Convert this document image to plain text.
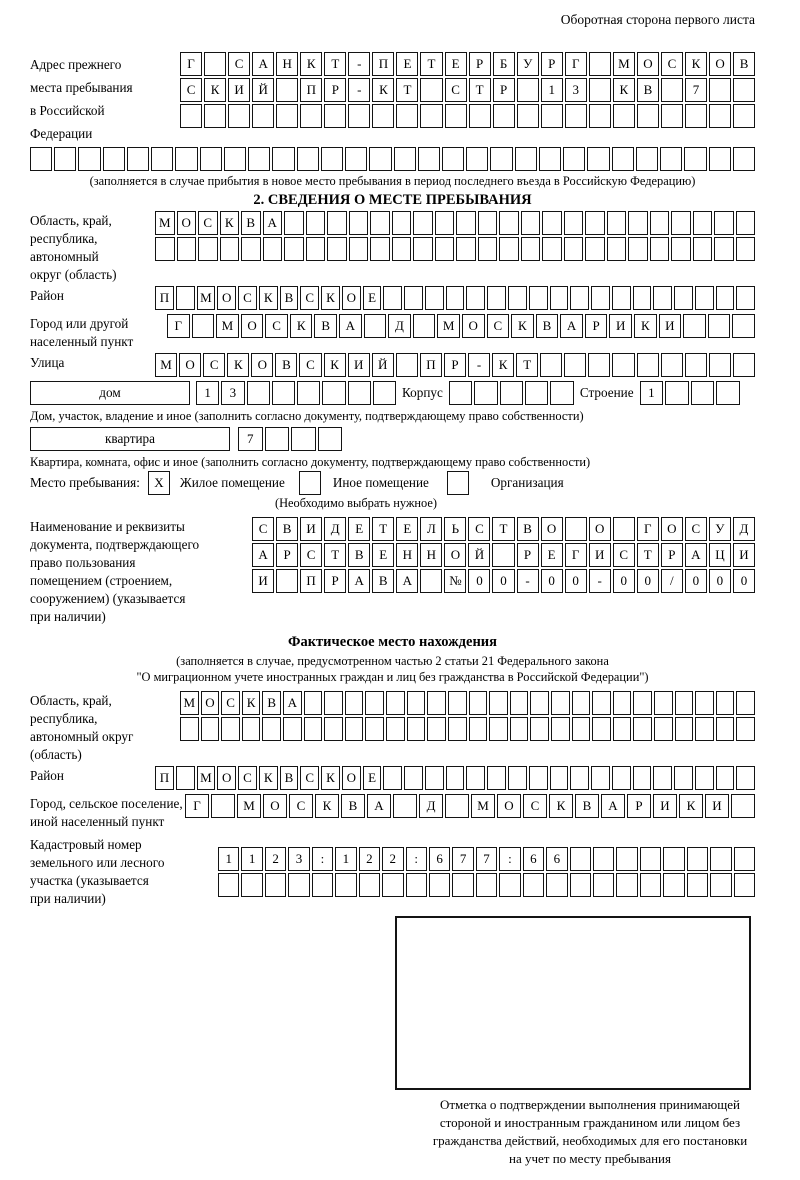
Оборотная сторона первого листа
Адрес прежнего
места пребывания
в Российской
Федерации
Г	С	А	Н	К	Т	-	П	Е	Т	Е	Р	Б	У	Р	Г	М	О	С	К	О	В
С	К	И	Й	П	Р	-	К	Т	С	Т	Р	1	3	К	В	7
(заполняется в случае прибытия в новое место пребывания в период последнего въезда в Российскую Федерацию)
2. СВЕДЕНИЯ О МЕСТЕ ПРЕБЫВАНИЯ
Область, край,
республика,
автономный
округ (область)
М О С К В А
Район	П	М О С К В С К О Е
Город или другой
населенный пункт
Г	М	О	С	К	В	А	Д	М	О	С	К	В	А	Р	И	К	И
Улица	М	О	С	К	О	В	С	К	И	Й	П	Р	-	К	Т
дом	1	3	Корпус	Строение	1
Дом, участок, владение и иное (заполнить согласно документу, подтверждающему право собственности)
квартира	7
Квартира, комната, офис и иное (заполнить согласно документу, подтверждающему право собственности)
Место пребывания:	X	Жилое помещение	Иное помещение	Организация
(Необходимо выбрать нужное)
Наименование и реквизиты
документа, подтверждающего
право пользования
помещением (строением,
сооружением) (указывается
при наличии)
С	В	И	Д	Е	Т	Е	Л	Ь	С	Т	В	О	О	Г	О	С	У	Д
А	Р	С	Т	В	Е	Н	Н	О	Й	Р	Е	Г	И	С	Т	Р	А	Ц	И
И	П	Р	А	В	А	№	0	0	-	0	0	-	0	0	/	0	0	0
Фактическое место нахождения
(заполняется в случае, предусмотренном частью 2 статьи 21 Федерального закона
"О миграционном учете иностранных граждан и лиц без гражданства в Российской Федерации")
Область, край,
республика,
автономный округ
(область)
М О С К В А
Район	П	М О С К В С К О Е
Город, сельское поселение,
иной населенный пункт
Г	М	О	С	К	В	А	Д	М	О	С	К	В	А	Р	И	К	И
Кадастровый номер
земельного или лесного
участка (указывается
при наличии)
1	1	2	3	:	1	2	2	:	6	7	7	:	6	6
Отметка о подтверждении выполнения принимающей
стороной и иностранным гражданином или лицом без
гражданства действий, необходимых для его постановки
на учет по месту пребывания
